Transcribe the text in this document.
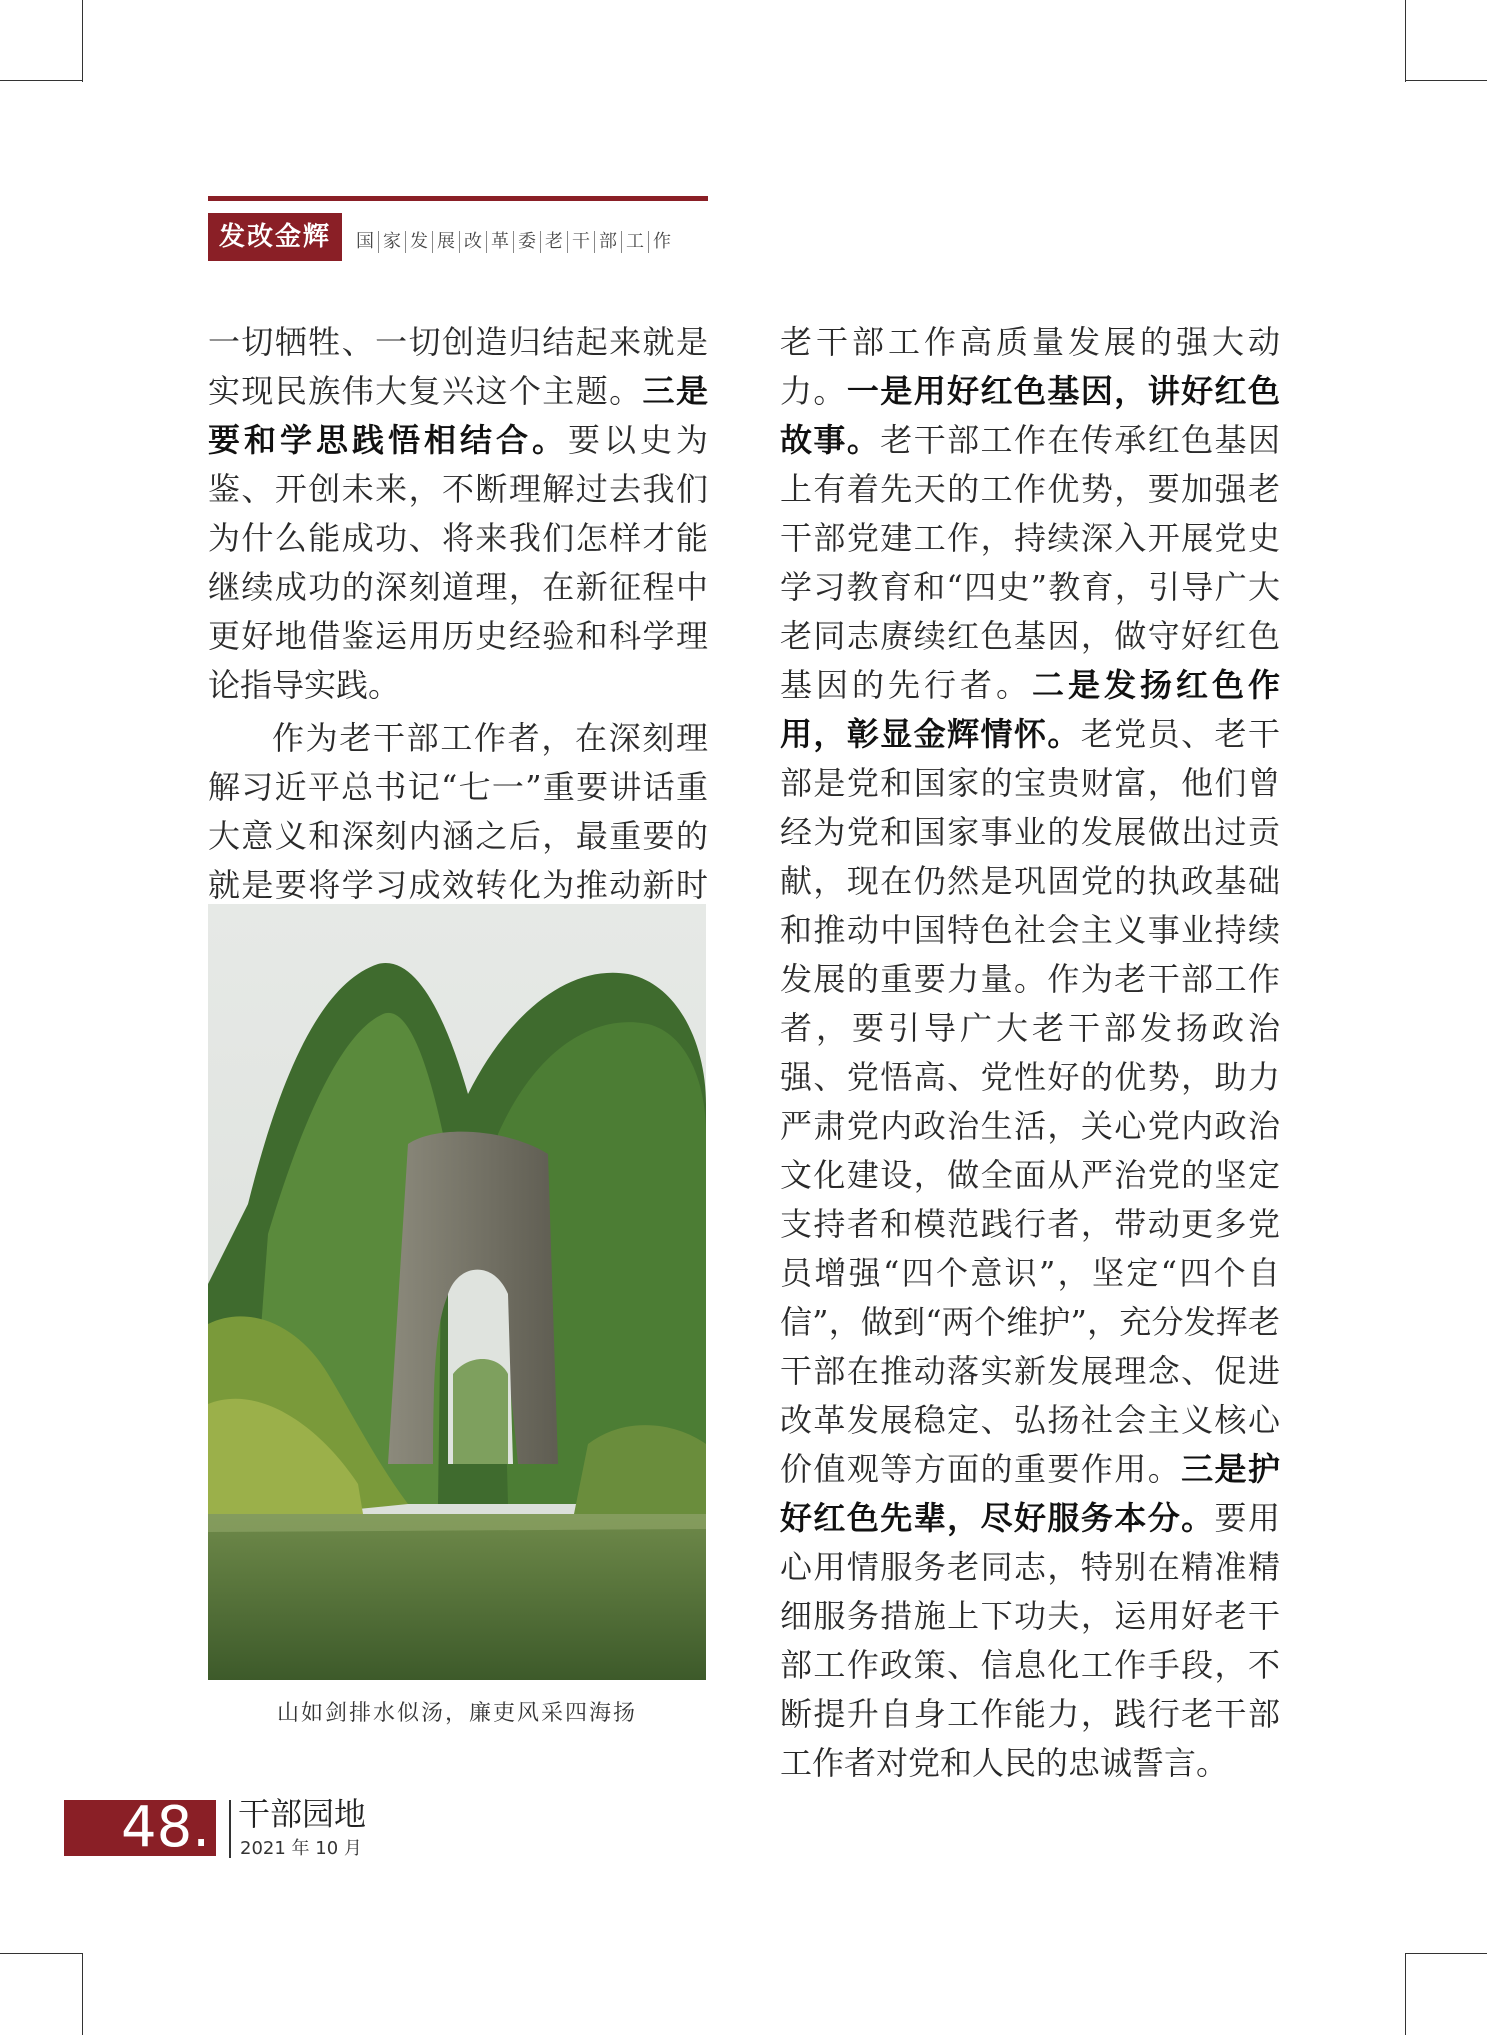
发改金辉	国 家 发 展 改 革 委 老 干 部 工 作

一切牺牲、一切创造归结起来就是实现民族伟大复兴这个主题。三是要和学思践悟相结合。要以史为鉴、开创未来，不断理解过去我们为什么能成功、将来我们怎样才能继续成功的深刻道理，在新征程中更好地借鉴运用历史经验和科学理论指导实践。

作为老干部工作者，在深刻理解习近平总书记“七一”重要讲话重大意义和深刻内涵之后，最重要的就是要将学习成效转化为推动新时

山如剑排水似汤，廉吏风采四海扬

老干部工作高质量发展的强大动力。一是用好红色基因，讲好红色故事。老干部工作在传承红色基因上有着先天的工作优势，要加强老干部党建工作，持续深入开展党史学习教育和“四史”教育，引导广大老同志赓续红色基因，做守好红色基因的先行者。二是发扬红色作用，彰显金辉情怀。老党员、老干部是党和国家的宝贵财富，他们曾经为党和国家事业的发展做出过贡献，现在仍然是巩固党的执政基础和推动中国特色社会主义事业持续发展的重要力量。作为老干部工作者，要引导广大老干部发扬政治强、党悟高、党性好的优势，助力严肃党内政治生活，关心党内政治文化建设，做全面从严治党的坚定支持者和模范践行者，带动更多党员增强“四个意识”，坚定“四个自信”，做到“两个维护”，充分发挥老干部在推动落实新发展理念、促进改革发展稳定、弘扬社会主义核心价值观等方面的重要作用。三是护好红色先辈，尽好服务本分。要用心用情服务老同志，特别在精准精细服务措施上下功夫，运用好老干部工作政策、信息化工作手段，不断提升自身工作能力，践行老干部工作者对党和人民的忠诚誓言。

48. 干部园地
2021 年 10 月
